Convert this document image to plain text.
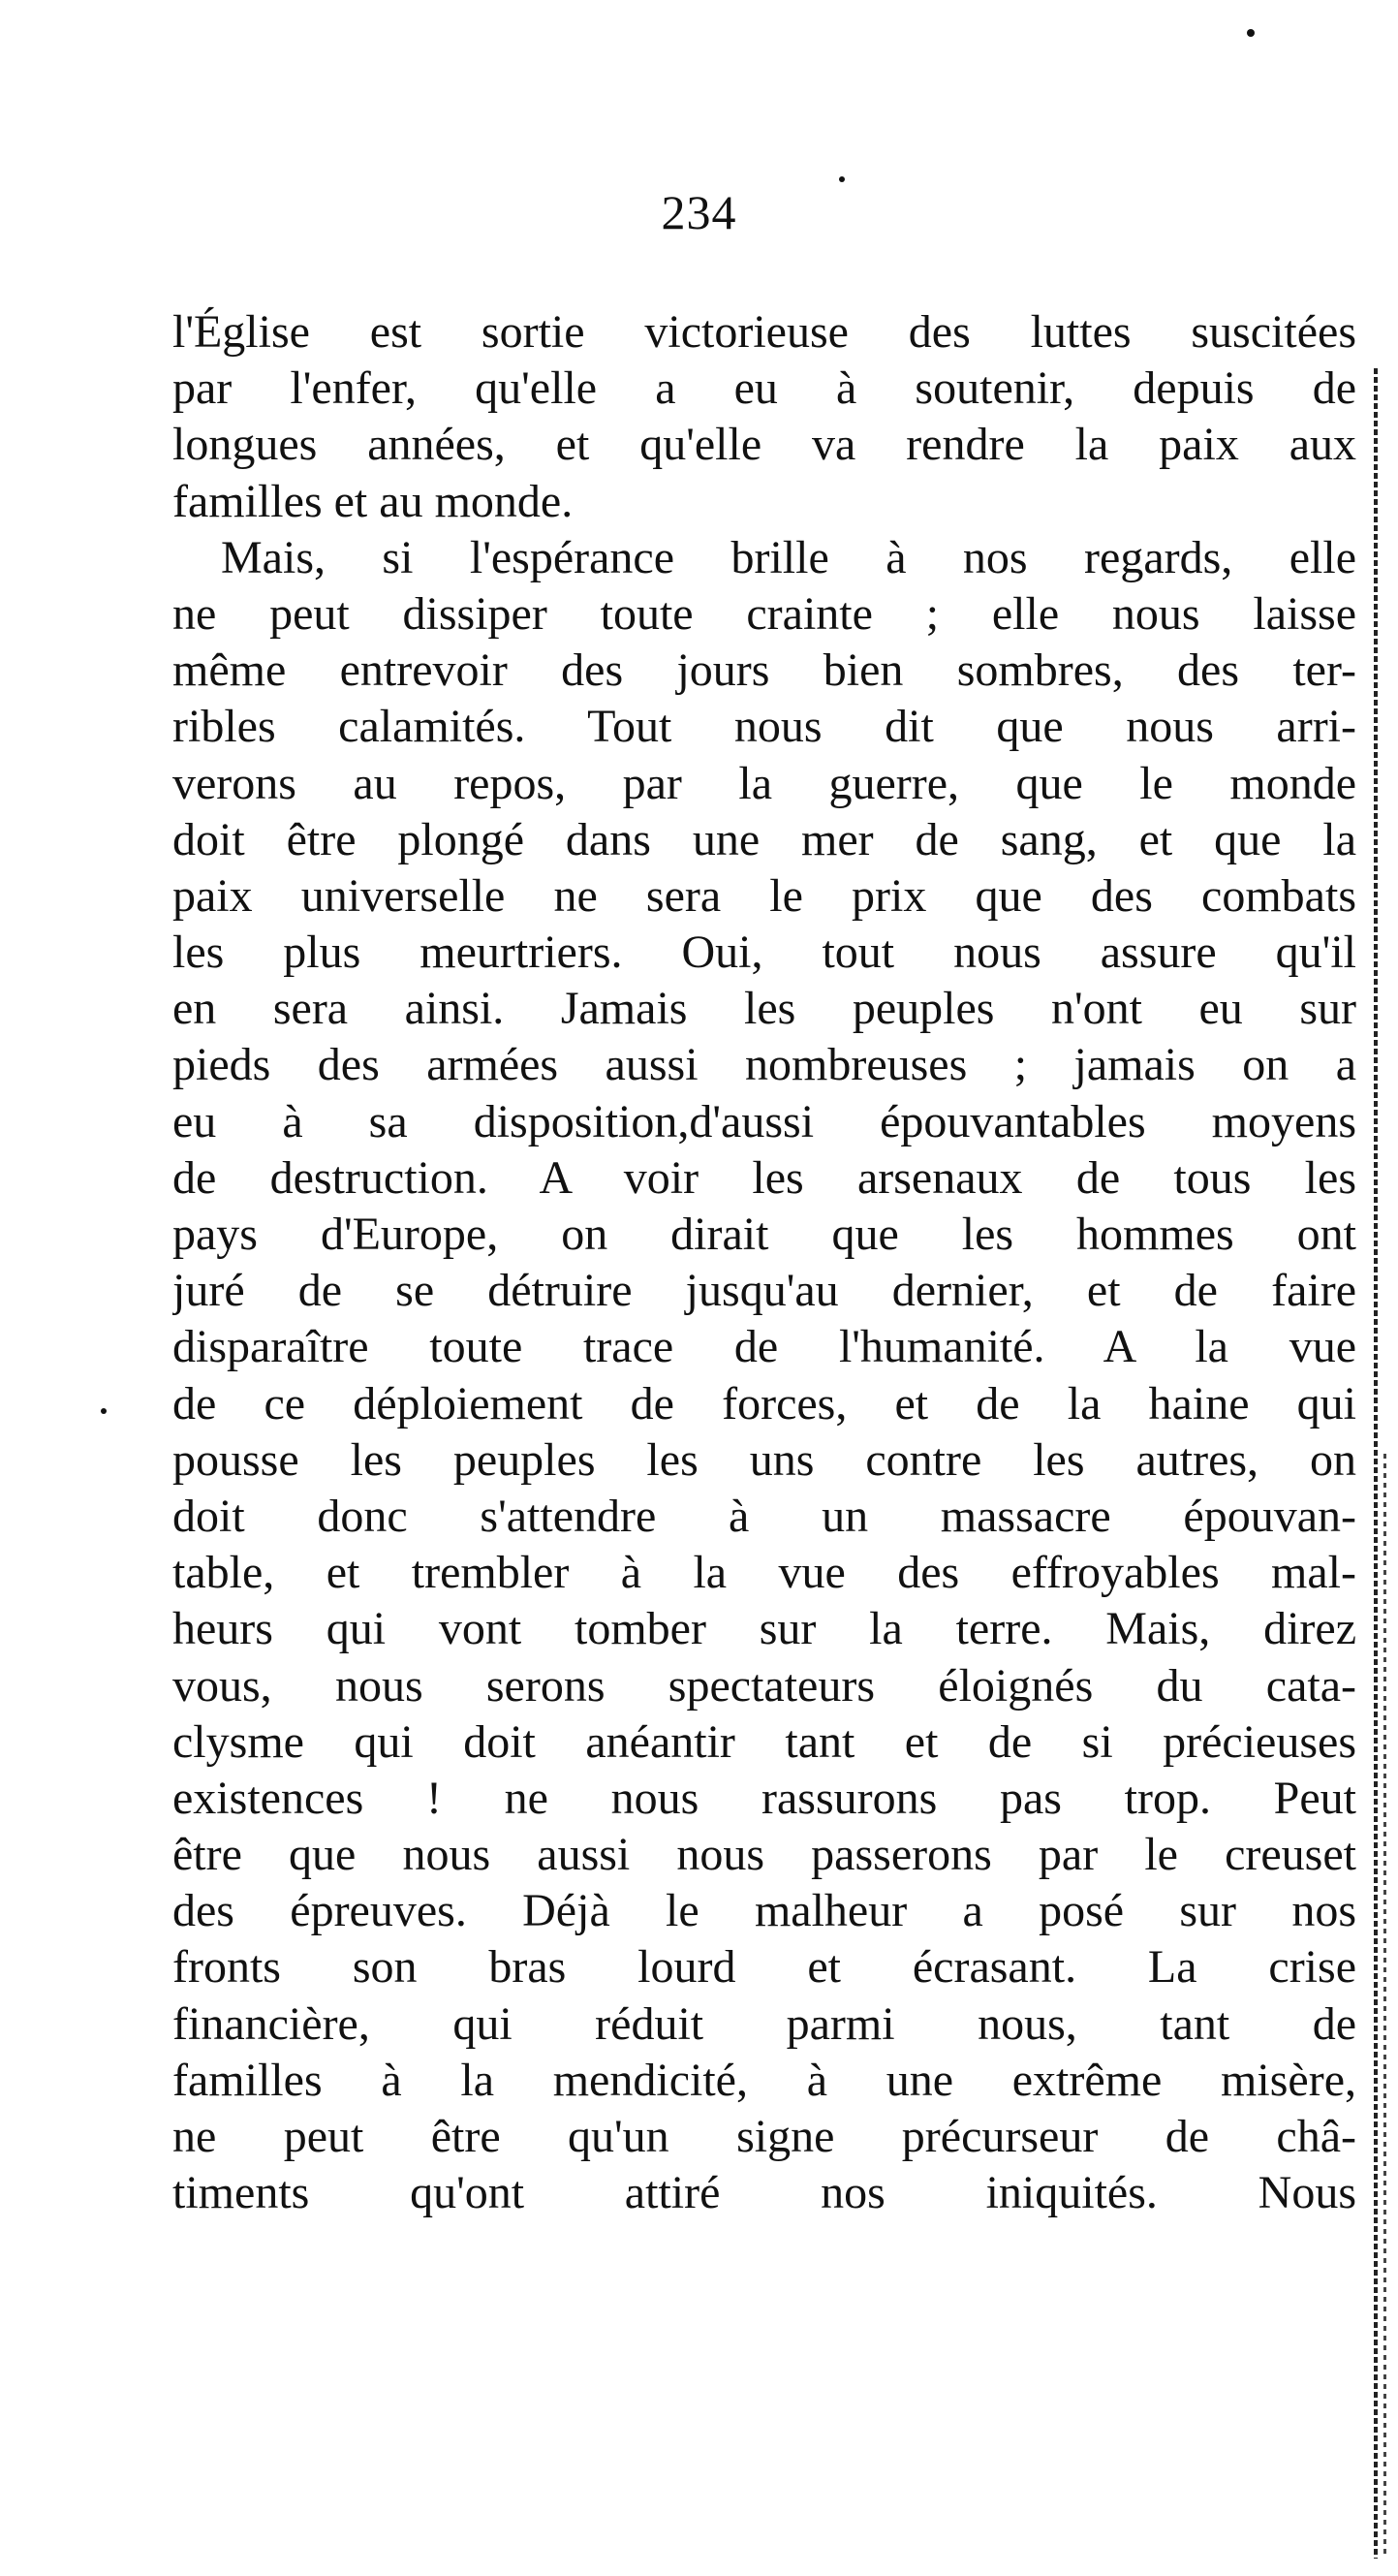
234
l'Église est sortie victorieuse des luttes suscitées
par l'enfer, qu'elle a eu à soutenir, depuis de
longues années, et qu'elle va rendre la paix aux
familles et au monde.
Mais, si l'espérance brille à nos regards, elle
ne peut dissiper toute crainte ; elle nous laisse
même entrevoir des jours bien sombres, des ter-
ribles calamités. Tout nous dit que nous arri-
verons au repos, par la guerre, que le monde
doit être plongé dans une mer de sang, et que la
paix universelle ne sera le prix que des combats
les plus meurtriers. Oui, tout nous assure qu'il
en sera ainsi. Jamais les peuples n'ont eu sur
pieds des armées aussi nombreuses ; jamais on a
eu à sa disposition,d'aussi épouvantables moyens
de destruction. A voir les arsenaux de tous les
pays d'Europe, on dirait que les hommes ont
juré de se détruire jusqu'au dernier, et de faire
disparaître toute trace de l'humanité. A la vue
de ce déploiement de forces, et de la haine qui
pousse les peuples les uns contre les autres, on
doit donc s'attendre à un massacre épouvan-
table, et trembler à la vue des effroyables mal-
heurs qui vont tomber sur la terre. Mais, direz
vous, nous serons spectateurs éloignés du cata-
clysme qui doit anéantir tant et de si précieuses
existences ! ne nous rassurons pas trop. Peut
être que nous aussi nous passerons par le creuset
des épreuves. Déjà le malheur a posé sur nos
fronts son bras lourd et écrasant. La crise
financière, qui réduit parmi nous, tant de
familles à la mendicité, à une extrême misère,
ne peut être qu'un signe précurseur de châ-
timents qu'ont attiré nos iniquités. Nous
